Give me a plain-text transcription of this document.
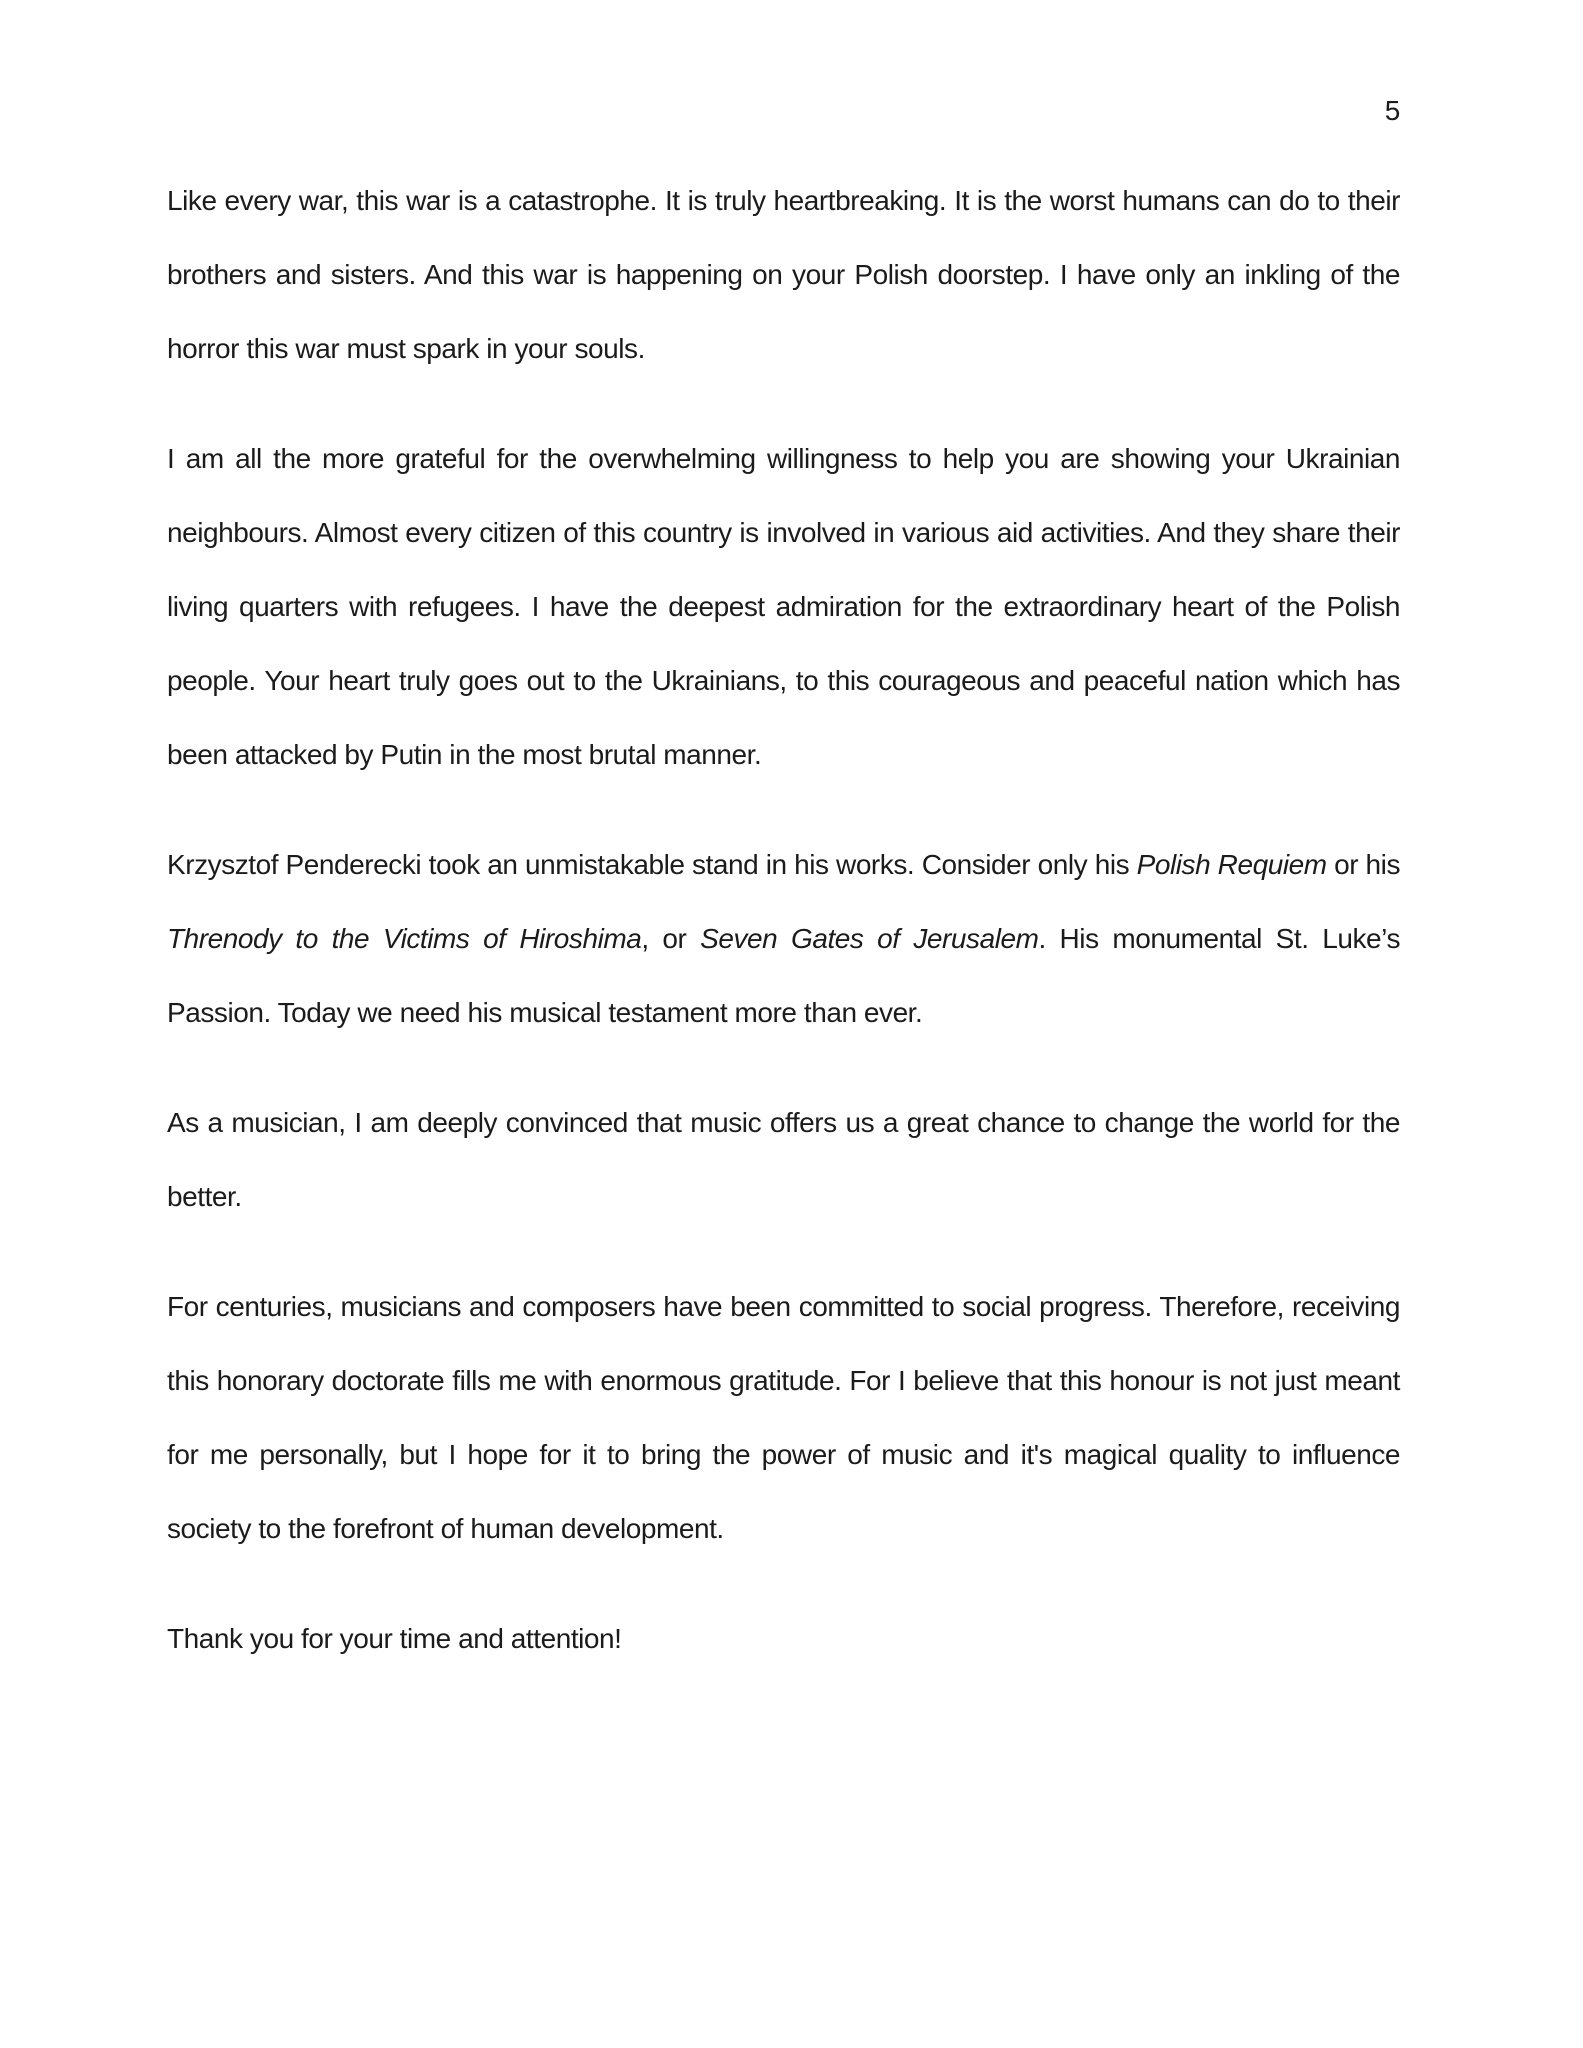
5

Like every war, this war is a catastrophe. It is truly heartbreaking. It is the worst humans can do to their brothers and sisters. And this war is happening on your Polish doorstep. I have only an inkling of the horror this war must spark in your souls.

I am all the more grateful for the overwhelming willingness to help you are showing your Ukrainian neighbours. Almost every citizen of this country is involved in various aid activities. And they share their living quarters with refugees. I have the deepest admiration for the extraordinary heart of the Polish people. Your heart truly goes out to the Ukrainians, to this courageous and peaceful nation which has been attacked by Putin in the most brutal manner.

Krzysztof Penderecki took an unmistakable stand in his works. Consider only his Polish Requiem or his Threnody to the Victims of Hiroshima, or Seven Gates of Jerusalem. His monumental St. Luke’s Passion. Today we need his musical testament more than ever.

As a musician, I am deeply convinced that music offers us a great chance to change the world for the better.

For centuries, musicians and composers have been committed to social progress. Therefore, receiving this honorary doctorate fills me with enormous gratitude. For I believe that this honour is not just meant for me personally, but I hope for it to bring the power of music and it's magical quality to influence society to the forefront of human development.

Thank you for your time and attention!
